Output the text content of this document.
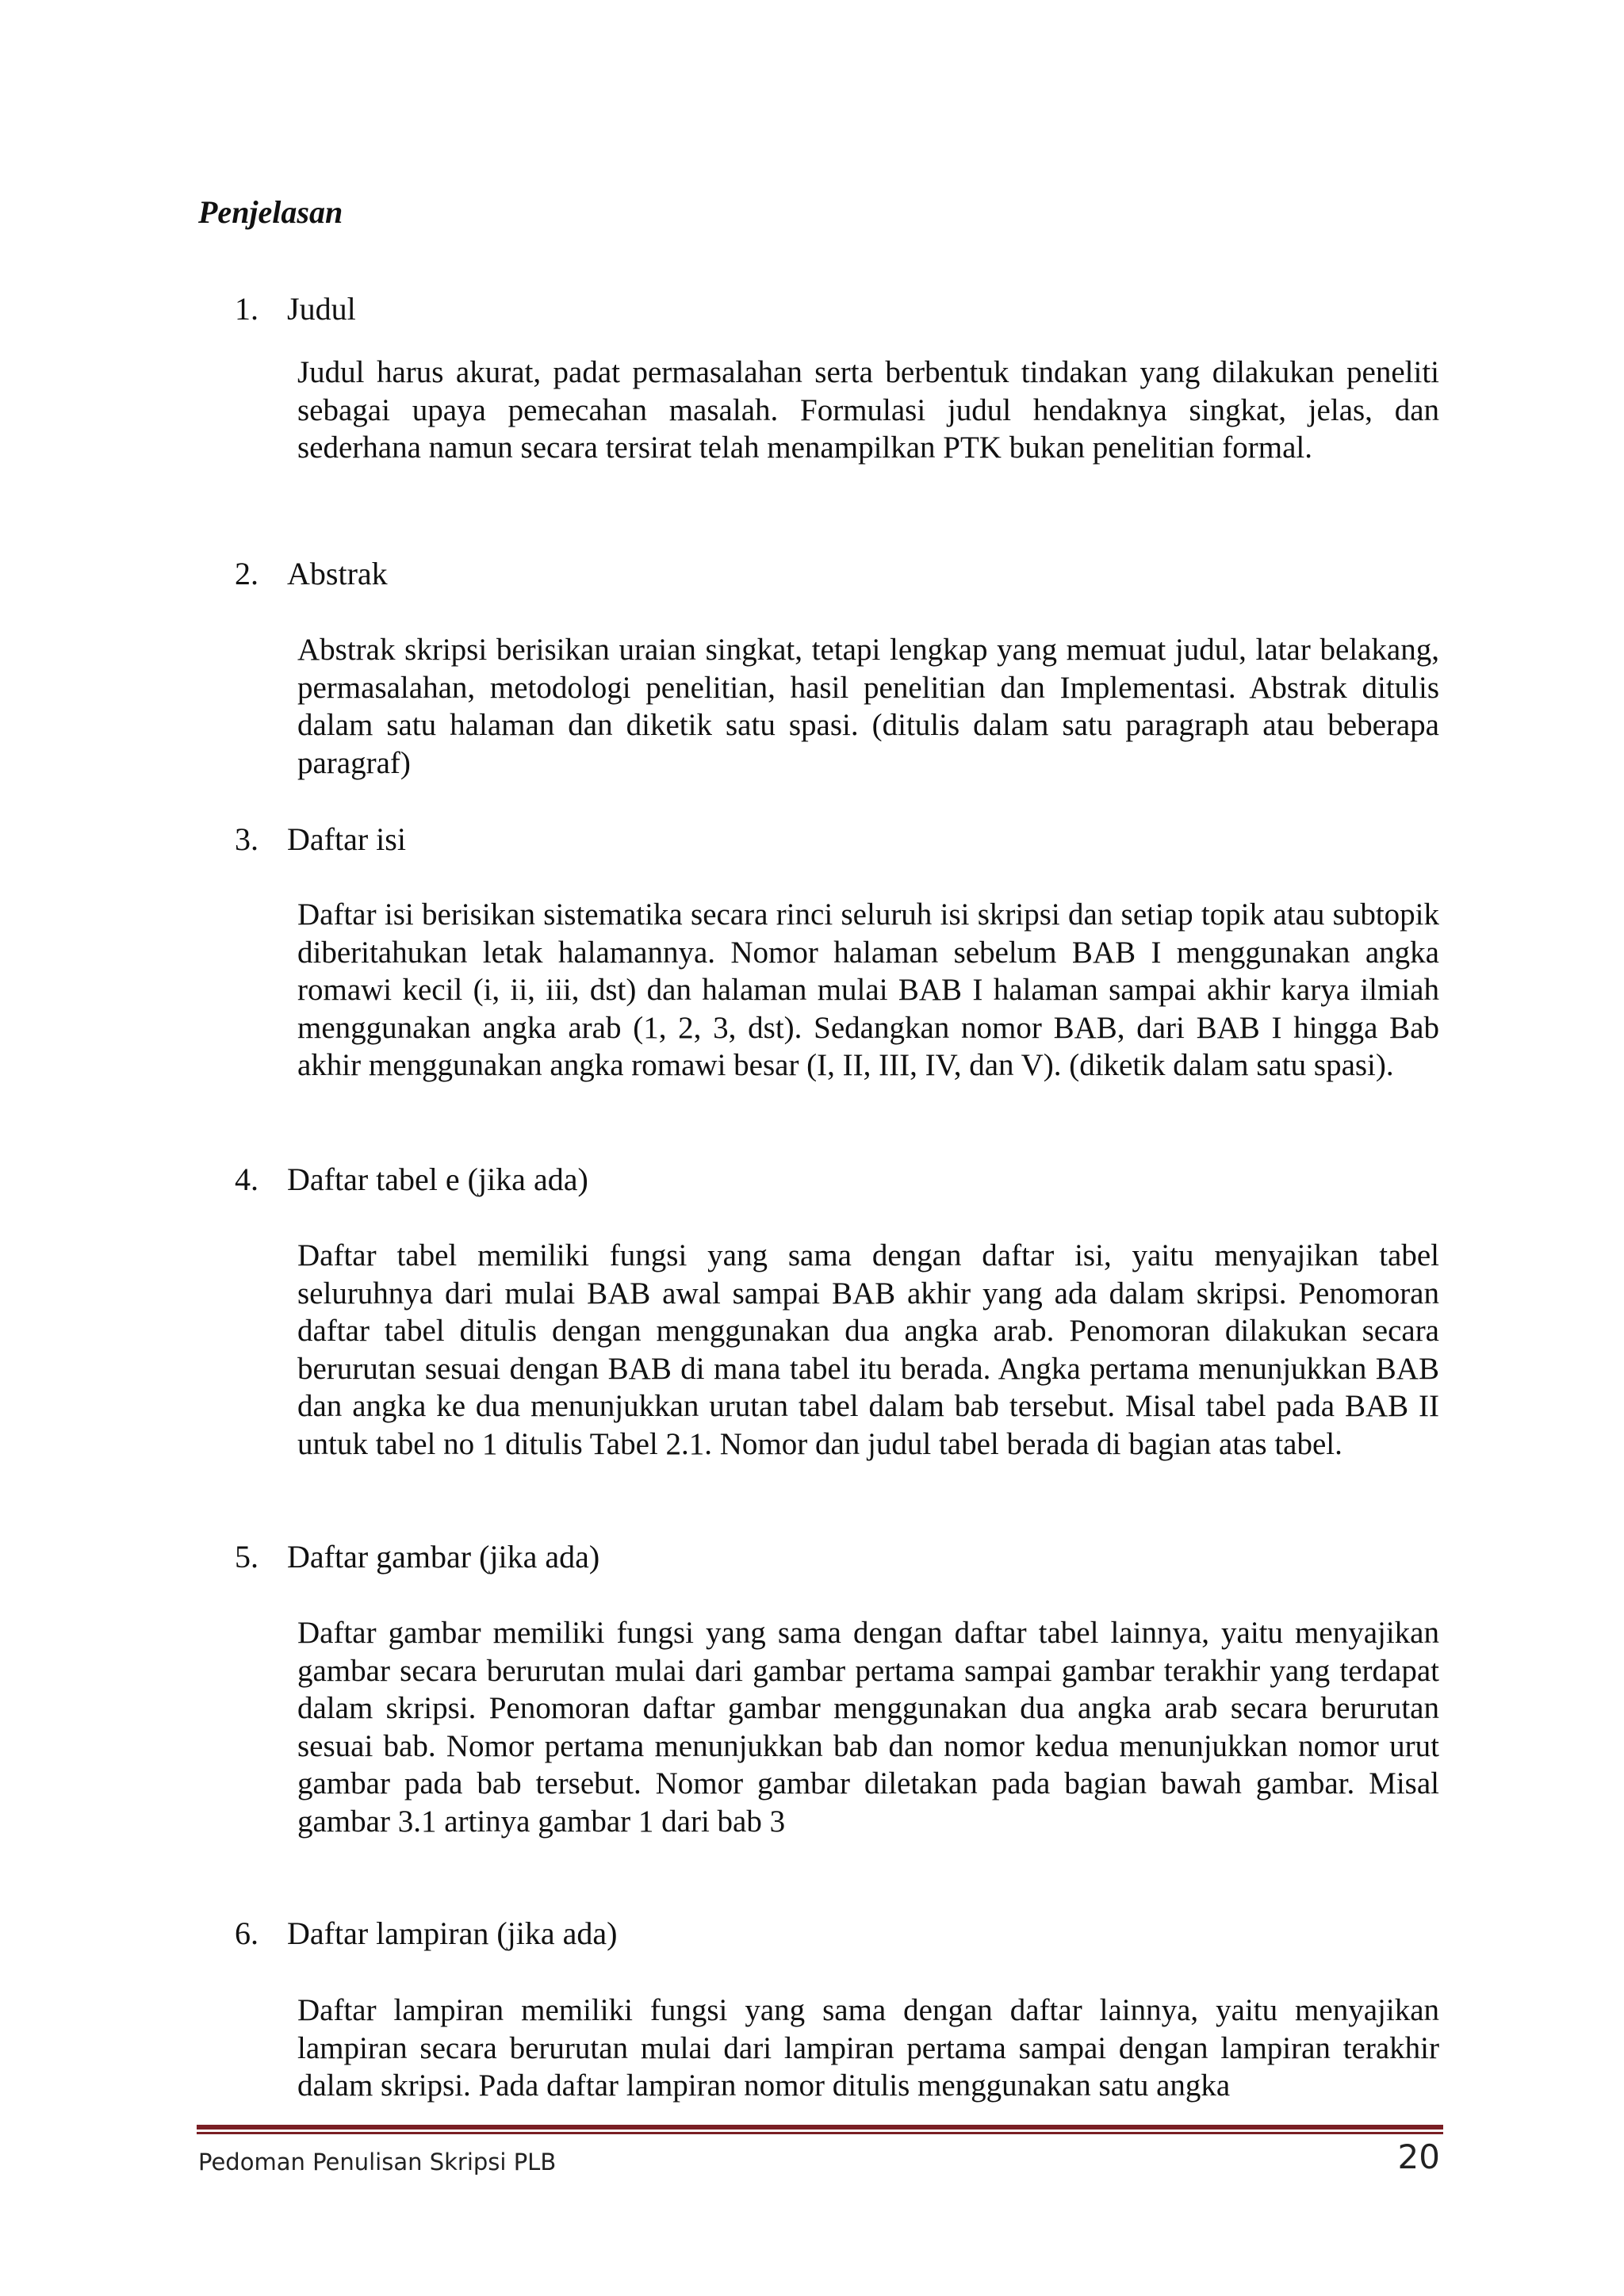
Penjelasan
1. Judul

Judul harus akurat, padat permasalahan serta berbentuk tindakan yang dilakukan peneliti sebagai upaya pemecahan masalah. Formulasi judul hendaknya singkat, jelas, dan sederhana namun secara tersirat telah menampilkan PTK bukan penelitian formal.

2. Abstrak

Abstrak skripsi berisikan uraian singkat, tetapi lengkap yang memuat judul, latar belakang, permasalahan, metodologi penelitian, hasil penelitian dan Implementasi. Abstrak ditulis dalam satu halaman dan diketik satu spasi. (ditulis dalam satu paragraph atau beberapa paragraf)

3. Daftar isi

Daftar isi berisikan sistematika secara rinci seluruh isi skripsi dan setiap topik atau subtopik diberitahukan letak halamannya. Nomor halaman sebelum BAB I menggunakan angka romawi kecil (i, ii, iii, dst) dan halaman mulai BAB I halaman sampai akhir karya ilmiah menggunakan angka arab (1, 2, 3, dst). Sedangkan nomor BAB, dari BAB I hingga Bab akhir menggunakan angka romawi besar (I, II, III, IV, dan V). (diketik dalam satu spasi).

4. Daftar tabel e (jika ada)

Daftar tabel memiliki fungsi yang sama dengan daftar isi, yaitu menyajikan tabel seluruhnya dari mulai BAB awal sampai BAB akhir yang ada dalam skripsi. Penomoran daftar tabel ditulis dengan menggunakan dua angka arab. Penomoran dilakukan secara berurutan sesuai dengan BAB di mana tabel itu berada. Angka pertama menunjukkan BAB dan angka ke dua menunjukkan urutan tabel dalam bab tersebut. Misal tabel pada BAB II untuk tabel no 1 ditulis Tabel 2.1. Nomor dan judul tabel berada di bagian atas tabel.

5. Daftar gambar (jika ada)

Daftar gambar memiliki fungsi yang sama dengan daftar tabel lainnya, yaitu menyajikan gambar secara berurutan mulai dari gambar pertama sampai gambar terakhir yang terdapat dalam skripsi. Penomoran daftar gambar menggunakan dua angka arab secara berurutan sesuai bab. Nomor pertama menunjukkan bab dan nomor kedua menunjukkan nomor urut gambar pada bab tersebut. Nomor gambar diletakan pada bagian bawah gambar. Misal gambar 3.1 artinya gambar 1 dari bab 3

6. Daftar lampiran (jika ada)

Daftar lampiran memiliki fungsi yang sama dengan daftar lainnya, yaitu menyajikan lampiran secara berurutan mulai dari lampiran pertama sampai dengan lampiran terakhir dalam skripsi. Pada daftar lampiran nomor ditulis menggunakan satu angka

Pedoman Penulisan Skripsi PLB	20
